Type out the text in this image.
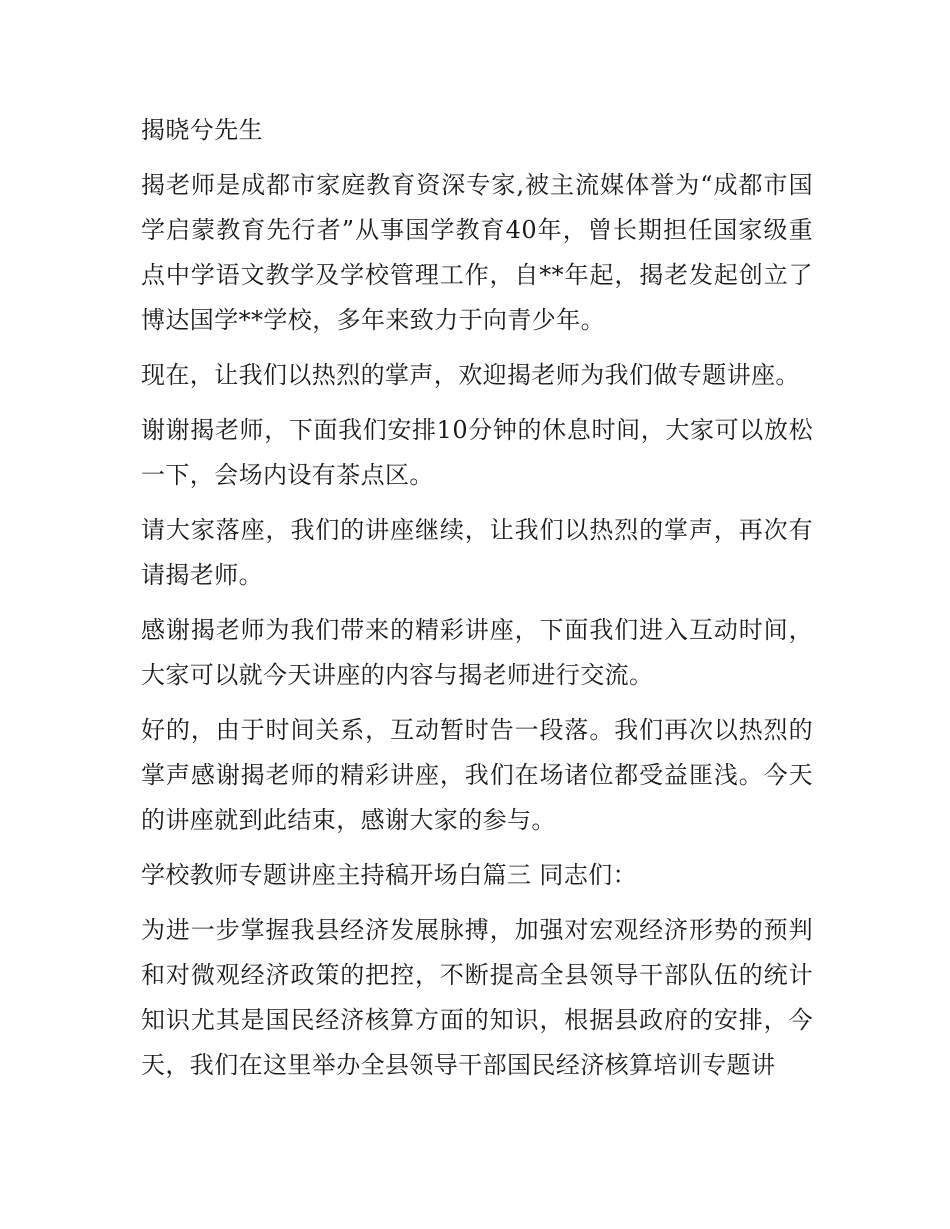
揭晓兮先生

揭老师是成都市家庭教育资深专家,被主流媒体誉为“成都市国学启蒙教育先行者”从事国学教育40年，曾长期担任国家级重点中学语文教学及学校管理工作，自**年起，揭老发起创立了博达国学**学校，多年来致力于向青少年。

现在，让我们以热烈的掌声，欢迎揭老师为我们做专题讲座。

谢谢揭老师，下面我们安排10分钟的休息时间，大家可以放松一下，会场内设有茶点区。

请大家落座，我们的讲座继续，让我们以热烈的掌声，再次有请揭老师。

感谢揭老师为我们带来的精彩讲座，下面我们进入互动时间，大家可以就今天讲座的内容与揭老师进行交流。

好的，由于时间关系，互动暂时告一段落。我们再次以热烈的掌声感谢揭老师的精彩讲座，我们在场诸位都受益匪浅。今天的讲座就到此结束，感谢大家的参与。

学校教师专题讲座主持稿开场白篇三 同志们：

为进一步掌握我县经济发展脉搏，加强对宏观经济形势的预判和对微观经济政策的把控，不断提高全县领导干部队伍的统计知识尤其是国民经济核算方面的知识，根据县政府的安排，今天，我们在这里举办全县领导干部国民经济核算培训专题讲
